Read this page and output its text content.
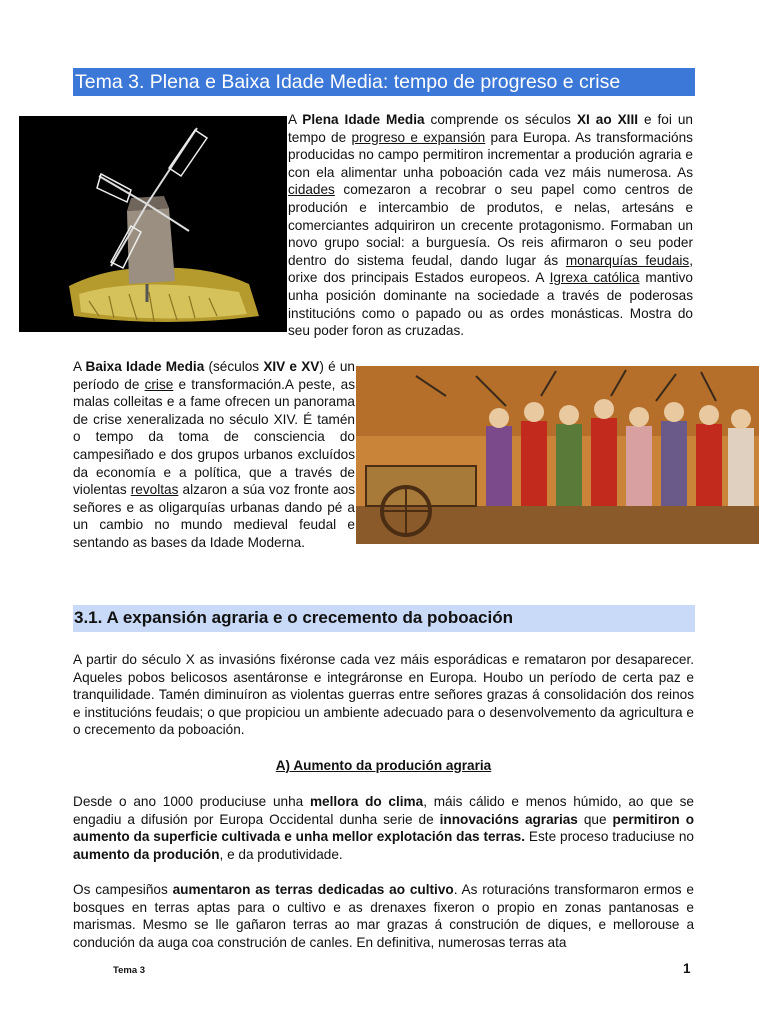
Tema 3. Plena e Baixa Idade Media: tempo de progreso e crise
A Plena Idade Media comprende os séculos XI ao XIII e foi un tempo de progreso e expansión para Europa. As transformacións producidas no campo permitiron incrementar a produción agraria e con ela alimentar unha poboación cada vez máis numerosa. As cidades comezaron a recobrar o seu papel como centros de produción e intercambio de produtos, e nelas, artesáns e comerciantes adquiriron un crecente protagonismo. Formaban un novo grupo social: a burguesía. Os reis afirmaron o seu poder dentro do sistema feudal, dando lugar ás monarquías feudais, orixe dos principais Estados europeos. A Igrexa católica mantivo unha posición dominante na sociedade a través de poderosas institucións como o papado ou as ordes monásticas. Mostra do seu poder foron as cruzadas.
A Baixa Idade Media (séculos XIV e XV) é un período de crise e transformación.A peste, as malas colleitas e a fame ofrecen un panorama de crise xeneralizada no século XIV. É tamén o tempo da toma de consciencia do campesiñado e dos grupos urbanos excluídos da economía e a política, que a través de violentas revoltas alzaron a súa voz fronte aos señores e as oligarquías urbanas dando pé a un cambio no mundo medieval feudal e sentando as bases da Idade Moderna.
3.1. A expansión agraria e o crecemento da poboación
A partir do século X as invasións fixéronse cada vez máis esporádicas e remataron por desaparecer. Aqueles pobos belicosos asentáronse e integráronse en Europa. Houbo un período de certa paz e tranquilidade. Tamén diminuíron as violentas guerras entre señores grazas á consolidación dos reinos e institucións feudais; o que propiciou un ambiente adecuado para o desenvolvemento da agricultura e o crecemento da poboación.
A) Aumento da produción agraria
Desde o ano 1000 produciuse unha mellora do clima, máis cálido e menos húmido, ao que se engadiu a difusión por Europa Occidental dunha serie de innovacións agrarias que permitiron o aumento da superficie cultivada e unha mellor explotación das terras. Este proceso traduciuse no aumento da produción, e da produtividade.
Os campesiños aumentaron as terras dedicadas ao cultivo. As roturacións transformaron ermos e bosques en terras aptas para o cultivo e as drenaxes fixeron o propio en zonas pantanosas e marismas. Mesmo se lle gañaron terras ao mar grazas á construción de diques, e mellorouse a condución da auga coa construción de canles. En definitiva, numerosas terras ata
Tema 3	1
